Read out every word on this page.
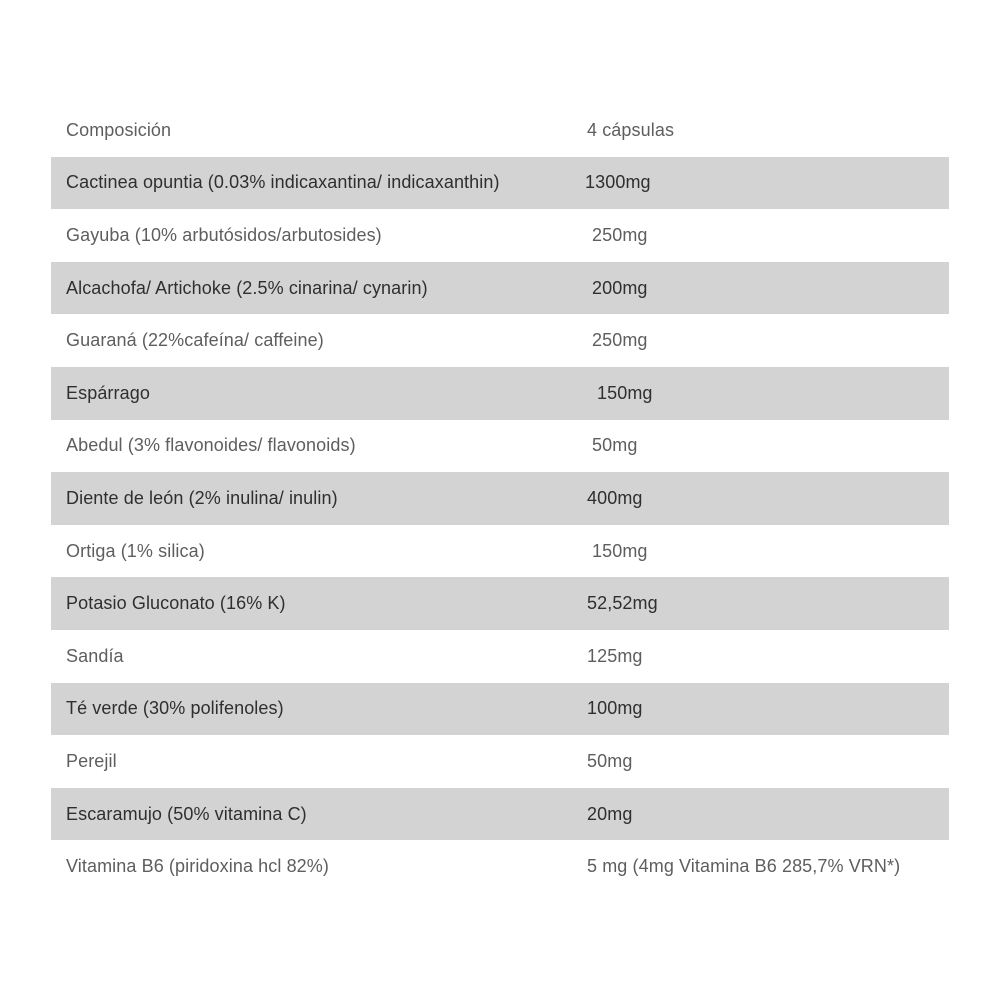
Composición	4 cápsulas
Cactinea opuntia (0.03% indicaxantina/ indicaxanthin)	1300mg
Gayuba (10% arbutósidos/arbutosides)	250mg
Alcachofa/ Artichoke (2.5% cinarina/ cynarin)	200mg
Guaraná (22%cafeína/ caffeine)	250mg
Espárrago	150mg
Abedul (3% flavonoides/ flavonoids)	50mg
Diente de león (2% inulina/ inulin)	400mg
Ortiga (1% silica)	150mg
Potasio Gluconato (16% K)	52,52mg
Sandía	125mg
Té verde (30% polifenoles)	100mg
Perejil	50mg
Escaramujo (50% vitamina C)	20mg
Vitamina B6 (piridoxina hcl 82%)	5 mg (4mg Vitamina B6 285,7% VRN*)
